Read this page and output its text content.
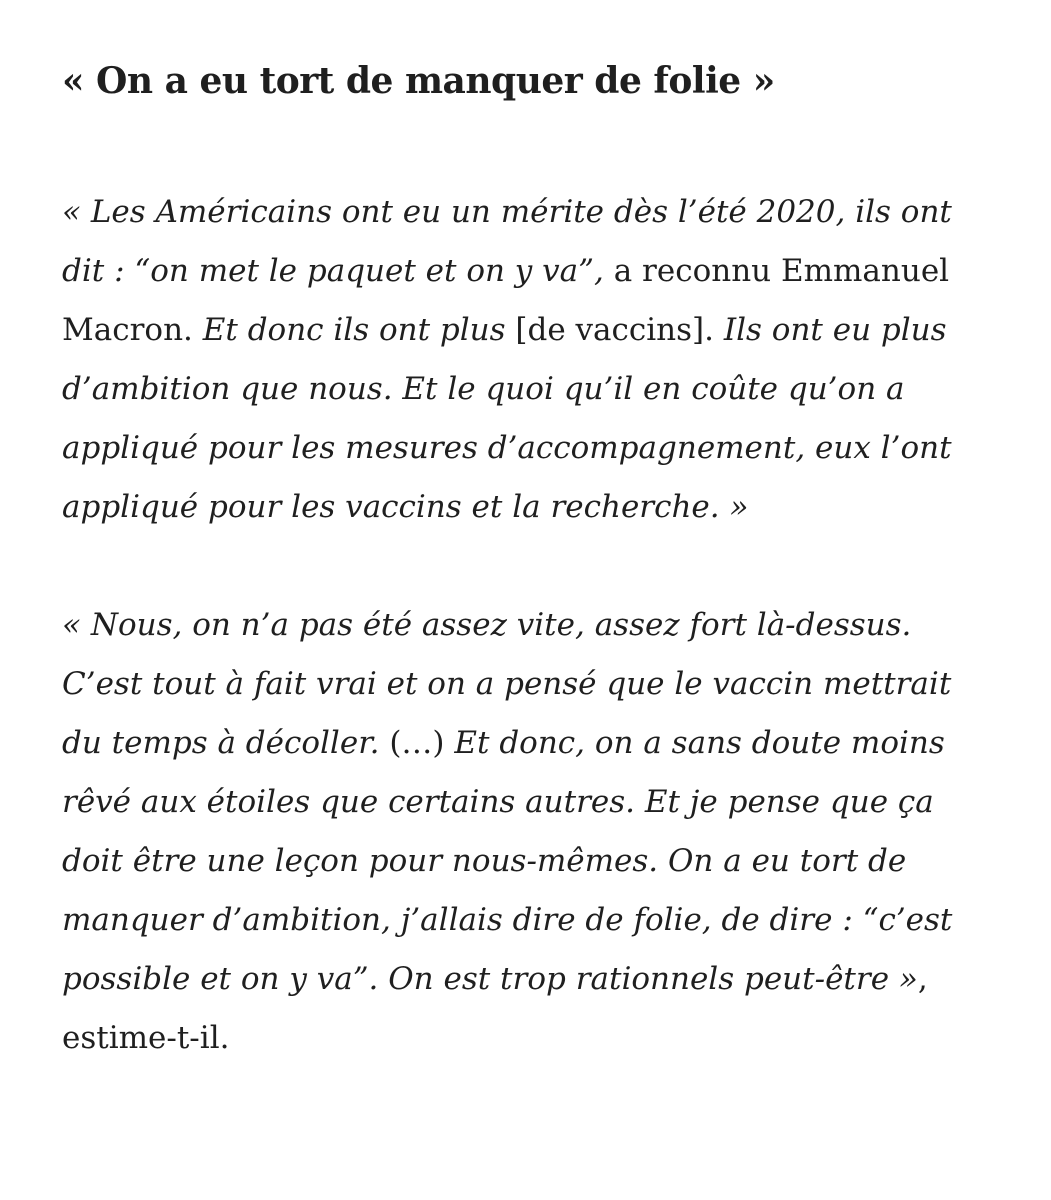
« On a eu tort de manquer de folie »

« Les Américains ont eu un mérite dès l’été 2020, ils ont dit : “on met le paquet et on y va”, a reconnu Emmanuel Macron. Et donc ils ont plus [de vaccins]. Ils ont eu plus d’ambition que nous. Et le quoi qu’il en coûte qu’on a appliqué pour les mesures d’accompagnement, eux l’ont appliqué pour les vaccins et la recherche. »

« Nous, on n’a pas été assez vite, assez fort là-dessus. C’est tout à fait vrai et on a pensé que le vaccin mettrait du temps à décoller. (…) Et donc, on a sans doute moins rêvé aux étoiles que certains autres. Et je pense que ça doit être une leçon pour nous-mêmes. On a eu tort de manquer d’ambition, j’allais dire de folie, de dire : “c’est possible et on y va”. On est trop rationnels peut-être », estime-t-il.
